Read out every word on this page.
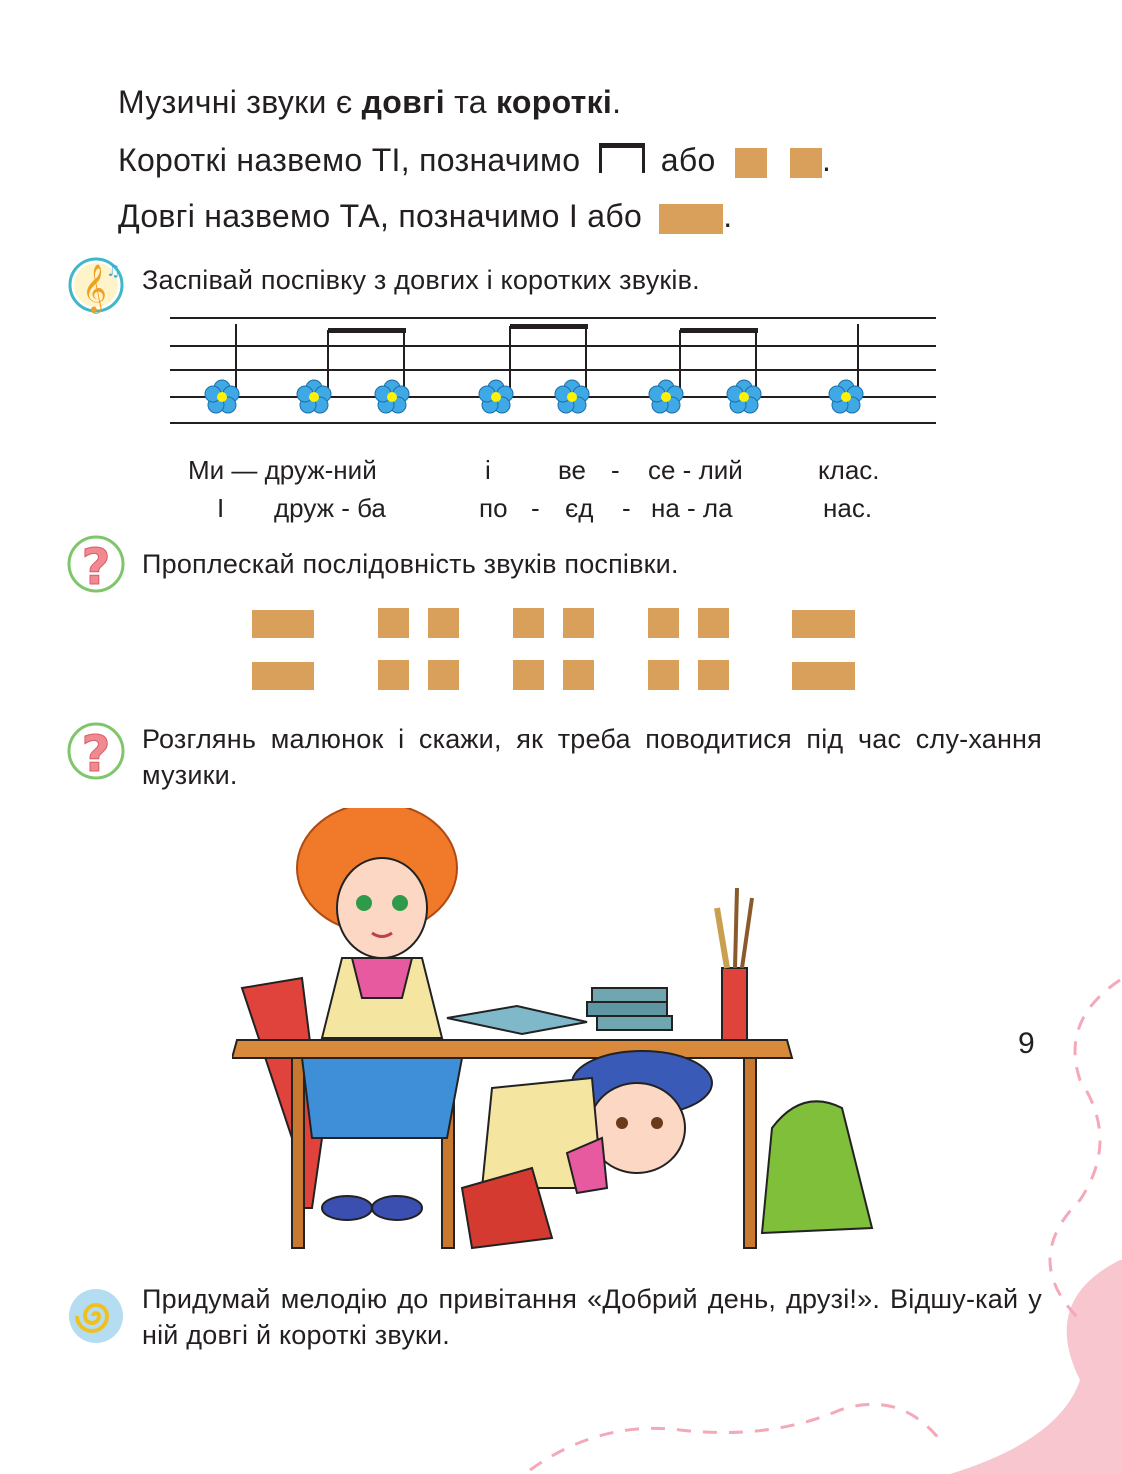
Музичні звуки є довгі та короткі.
Короткі назвемо ТІ, позначимо	або	.
Довгі назвемо ТА, позначимо І або	.
𝄞 ♫ Заспівай поспівку з довгих і коротких звуків.
Ми — друж-ний	і	ве - се - лий	клас.
І друж - ба	по - єд - на - ла	нас.
? Проплескай послідовність звуків поспівки.
? Розглянь малюнок і скажи, як треба поводитися під час слу-хання музики.
Придумай мелодію до привітання «Добрий день, друзі!». Відшу-кай у ній довгі й короткі звуки.
9
